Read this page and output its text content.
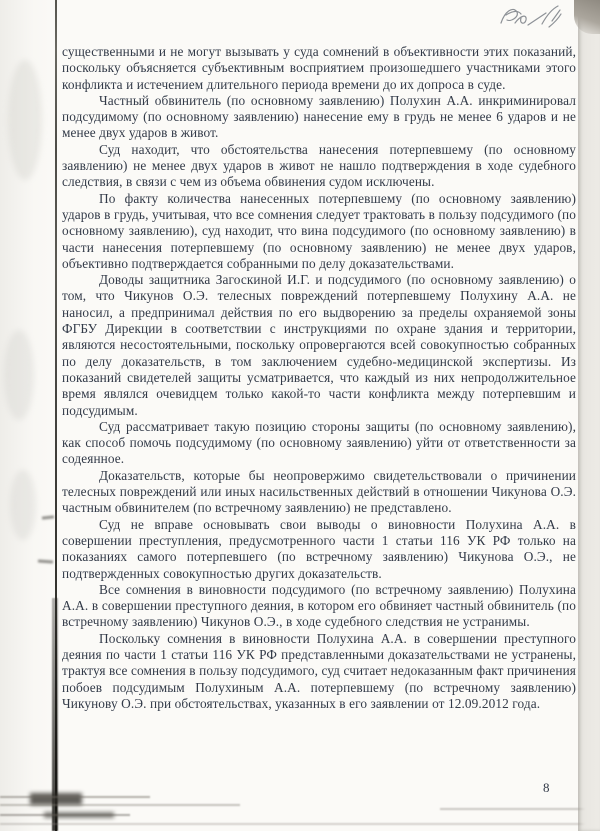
существенными и не могут вызывать у суда сомнений в объективности этих показаний, поскольку объясняется субъективным восприятием произошедшего участниками этого конфликта и истечением длительного периода времени до их допроса в суде.

Частный обвинитель (по основному заявлению) Полухин А.А. инкриминировал подсудимому (по основному заявлению) нанесение ему в грудь не менее 6 ударов и не менее двух ударов в живот.

Суд находит, что обстоятельства нанесения потерпевшему (по основному заявлению) не менее двух ударов в живот не нашло подтверждения в ходе судебного следствия, в связи с чем из объема обвинения судом исключены.

По факту количества нанесенных потерпевшему (по основному заявлению) ударов в грудь, учитывая, что все сомнения следует трактовать в пользу подсудимого (по основному заявлению), суд находит, что вина подсудимого (по основному заявлению) в части нанесения потерпевшему (по основному заявлению) не менее двух ударов, объективно подтверждается собранными по делу доказательствами.

Доводы защитника Загоскиной И.Г. и подсудимого (по основному заявлению) о том, что Чикунов О.Э. телесных повреждений потерпевшему Полухину А.А. не наносил, а предпринимал действия по его выдворению за пределы охраняемой зоны ФГБУ Дирекции в соответствии с инструкциями по охране здания и территории, являются несостоятельными, поскольку опровергаются всей совокупностью собранных по делу доказательств, в том заключением судебно-медицинской экспертизы. Из показаний свидетелей защиты усматривается, что каждый из них непродолжительное время являлся очевидцем только какой-то части конфликта между потерпевшим и подсудимым.

Суд рассматривает такую позицию стороны защиты (по основному заявлению), как способ помочь подсудимому (по основному заявлению) уйти от ответственности за содеянное.

Доказательств, которые бы неопровержимо свидетельствовали о причинении телесных повреждений или иных насильственных действий в отношении Чикунова О.Э. частным обвинителем (по встречному заявлению) не представлено.

Суд не вправе основывать свои выводы о виновности Полухина А.А. в совершении преступления, предусмотренного части 1 статьи 116 УК РФ только на показаниях самого потерпевшего (по встречному заявлению) Чикунова О.Э., не подтвержденных совокупностью других доказательств.

Все сомнения в виновности подсудимого (по встречному заявлению) Полухина А.А. в совершении преступного деяния, в котором его обвиняет частный обвинитель (по встречному заявлению) Чикунов О.Э., в ходе судебного следствия не устранимы.

Поскольку сомнения в виновности Полухина А.А. в совершении преступного деяния по части 1 статьи 116 УК РФ представленными доказательствами не устранены, трактуя все сомнения в пользу подсудимого, суд считает недоказанным факт причинения побоев подсудимым Полухиным А.А. потерпевшему (по встречному заявлению) Чикунову О.Э. при обстоятельствах, указанных в его заявлении от 12.09.2012 года.

8
